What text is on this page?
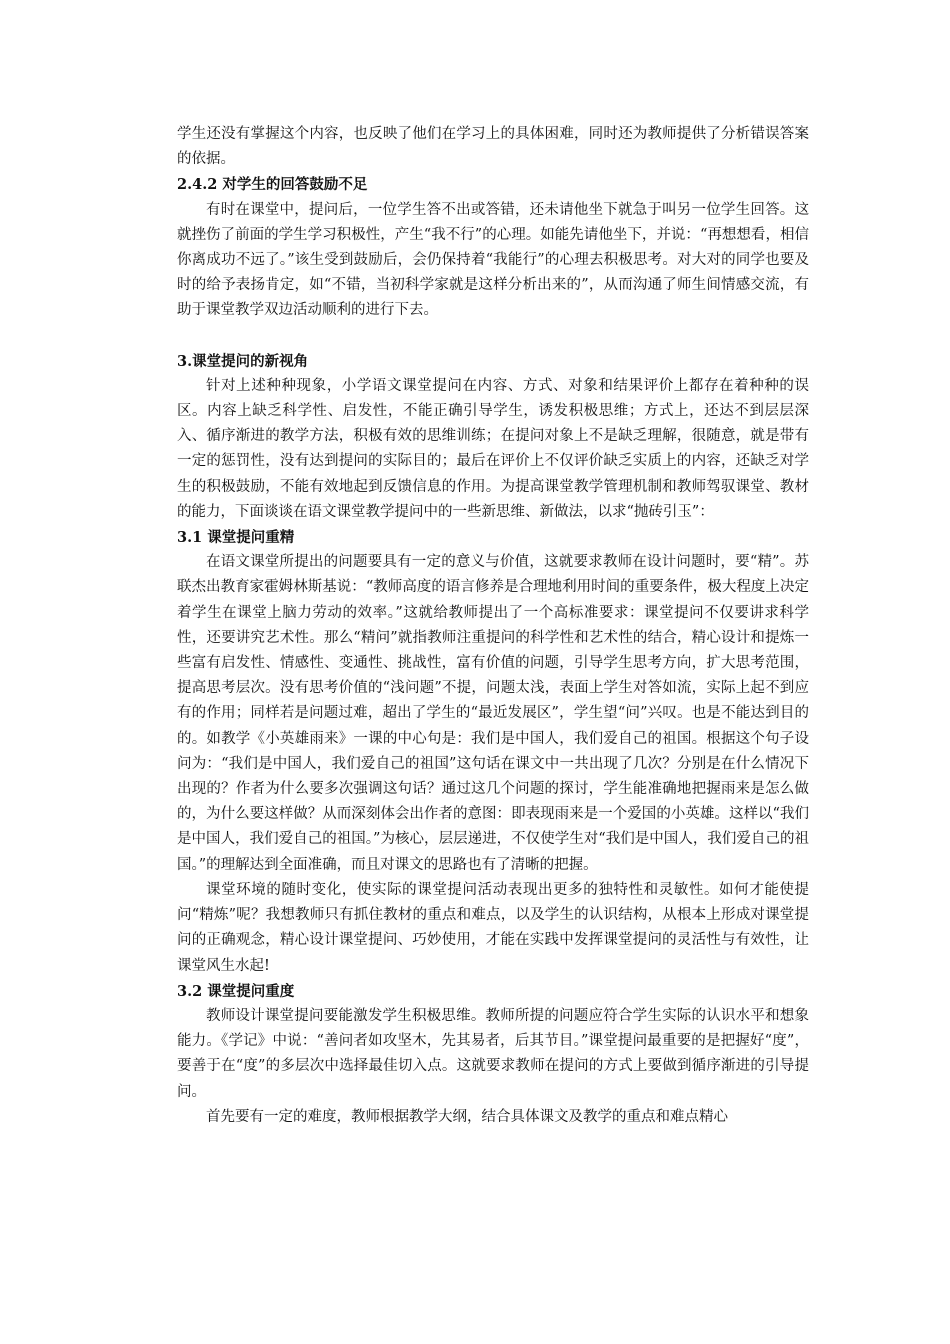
学生还没有掌握这个内容，也反映了他们在学习上的具体困难，同时还为教师提供了分析错误答案的依据。
2.4.2 对学生的回答鼓励不足
有时在课堂中，提问后，一位学生答不出或答错，还未请他坐下就急于叫另一位学生回答。这就挫伤了前面的学生学习积极性，产生“我不行”的心理。如能先请他坐下，并说：“再想想看，相信你离成功不远了。”该生受到鼓励后，会仍保持着“我能行”的心理去积极思考。对大对的同学也要及时的给予表扬肯定，如“不错，当初科学家就是这样分析出来的”，从而沟通了师生间情感交流，有助于课堂教学双边活动顺利的进行下去。
3.课堂提问的新视角
针对上述种种现象，小学语文课堂提问在内容、方式、对象和结果评价上都存在着种种的误区。内容上缺乏科学性、启发性，不能正确引导学生，诱发积极思维；方式上，还达不到层层深入、循序渐进的教学方法，积极有效的思维训练；在提问对象上不是缺乏理解，很随意，就是带有一定的惩罚性，没有达到提问的实际目的；最后在评价上不仅评价缺乏实质上的内容，还缺乏对学生的积极鼓励，不能有效地起到反馈信息的作用。为提高课堂教学管理机制和教师驾驭课堂、教材的能力，下面谈谈在语文课堂教学提问中的一些新思维、新做法，以求“抛砖引玉”：
3.1 课堂提问重精
在语文课堂所提出的问题要具有一定的意义与价值，这就要求教师在设计问题时，要“精”。苏联杰出教育家霍姆林斯基说：“教师高度的语言修养是合理地利用时间的重要条件，极大程度上决定着学生在课堂上脑力劳动的效率。”这就给教师提出了一个高标准要求：课堂提问不仅要讲求科学性，还要讲究艺术性。那么“精问”就指教师注重提问的科学性和艺术性的结合，精心设计和提炼一些富有启发性、情感性、变通性、挑战性，富有价值的问题，引导学生思考方向，扩大思考范围，提高思考层次。没有思考价值的“浅问题”不提，问题太浅，表面上学生对答如流，实际上起不到应有的作用；同样若是问题过难，超出了学生的“最近发展区”，学生望“问”兴叹。也是不能达到目的的。如教学《小英雄雨来》一课的中心句是：我们是中国人，我们爱自己的祖国。根据这个句子设问为：“我们是中国人，我们爱自己的祖国”这句话在课文中一共出现了几次？分别是在什么情况下出现的？作者为什么要多次强调这句话？通过这几个问题的探讨，学生能准确地把握雨来是怎么做的，为什么要这样做？从而深刻体会出作者的意图：即表现雨来是一个爱国的小英雄。这样以“我们是中国人，我们爱自己的祖国。”为核心，层层递进，不仅使学生对“我们是中国人，我们爱自己的祖国。”的理解达到全面准确，而且对课文的思路也有了清晰的把握。
课堂环境的随时变化，使实际的课堂提问活动表现出更多的独特性和灵敏性。如何才能使提问“精炼”呢？我想教师只有抓住教材的重点和难点，以及学生的认识结构，从根本上形成对课堂提问的正确观念，精心设计课堂提问、巧妙使用，才能在实践中发挥课堂提问的灵活性与有效性，让课堂风生水起!
3.2 课堂提问重度
教师设计课堂提问要能激发学生积极思维。教师所提的问题应符合学生实际的认识水平和想象能力。《学记》中说：“善问者如攻坚木，先其易者，后其节目。”课堂提问最重要的是把握好“度”，要善于在“度”的多层次中选择最佳切入点。这就要求教师在提问的方式上要做到循序渐进的引导提问。
首先要有一定的难度，教师根据教学大纲，结合具体课文及教学的重点和难点精心
